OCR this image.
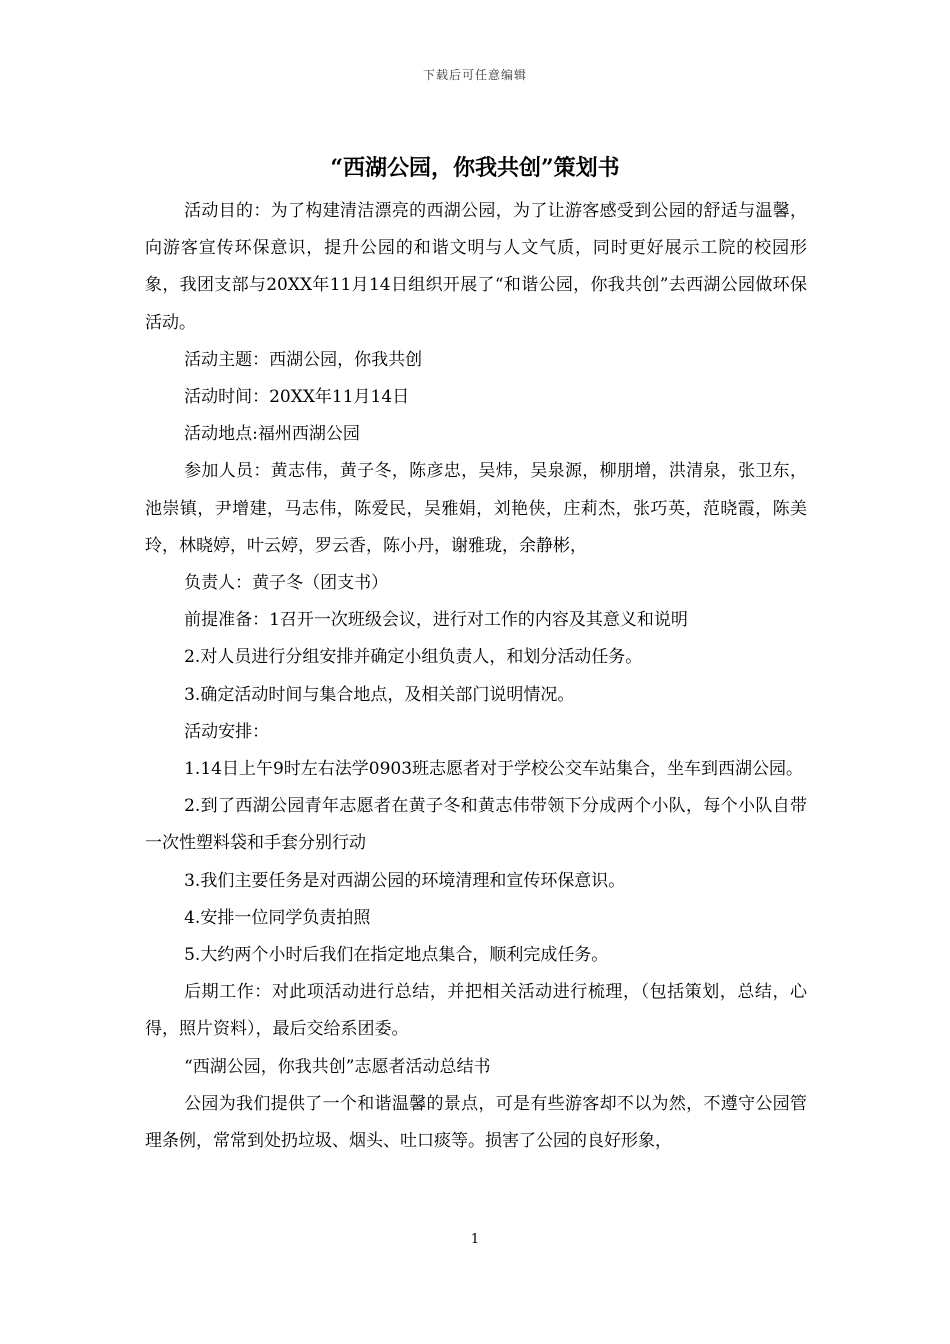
下载后可任意编辑
“西湖公园，你我共创”策划书

活动目的：为了构建清洁漂亮的西湖公园，为了让游客感受到公园的舒适与温馨，向游客宣传环保意识，提升公园的和谐文明与人文气质，同时更好展示工院的校园形象，我团支部与20XX年11月14日组织开展了“和谐公园，你我共创”去西湖公园做环保活动。

活动主题：西湖公园，你我共创

活动时间：20XX年11月14日

活动地点:福州西湖公园

参加人员：黄志伟，黄子冬，陈彦忠，吴炜，吴泉源，柳朋增，洪清泉，张卫东，池崇镇，尹增建，马志伟，陈爱民，吴雅娟，刘艳侠，庄莉杰，张巧英，范晓霞，陈美玲，林晓婷，叶云婷，罗云香，陈小丹，谢雅珑，余静彬，

负责人：黄子冬（团支书）

前提准备：1召开一次班级会议，进行对工作的内容及其意义和说明

2.对人员进行分组安排并确定小组负责人，和划分活动任务。

3.确定活动时间与集合地点，及相关部门说明情况。

活动安排：

1.14日上午9时左右法学0903班志愿者对于学校公交车站集合，坐车到西湖公园。

2.到了西湖公园青年志愿者在黄子冬和黄志伟带领下分成两个小队，每个小队自带一次性塑料袋和手套分别行动

3.我们主要任务是对西湖公园的环境清理和宣传环保意识。

4.安排一位同学负责拍照

5.大约两个小时后我们在指定地点集合，顺利完成任务。

后期工作：对此项活动进行总结，并把相关活动进行梳理，（包括策划，总结，心得，照片资料），最后交给系团委。

“西湖公园，你我共创”志愿者活动总结书

公园为我们提供了一个和谐温馨的景点，可是有些游客却不以为然，不遵守公园管理条例，常常到处扔垃圾、烟头、吐口痰等。损害了公园的良好形象，

1
